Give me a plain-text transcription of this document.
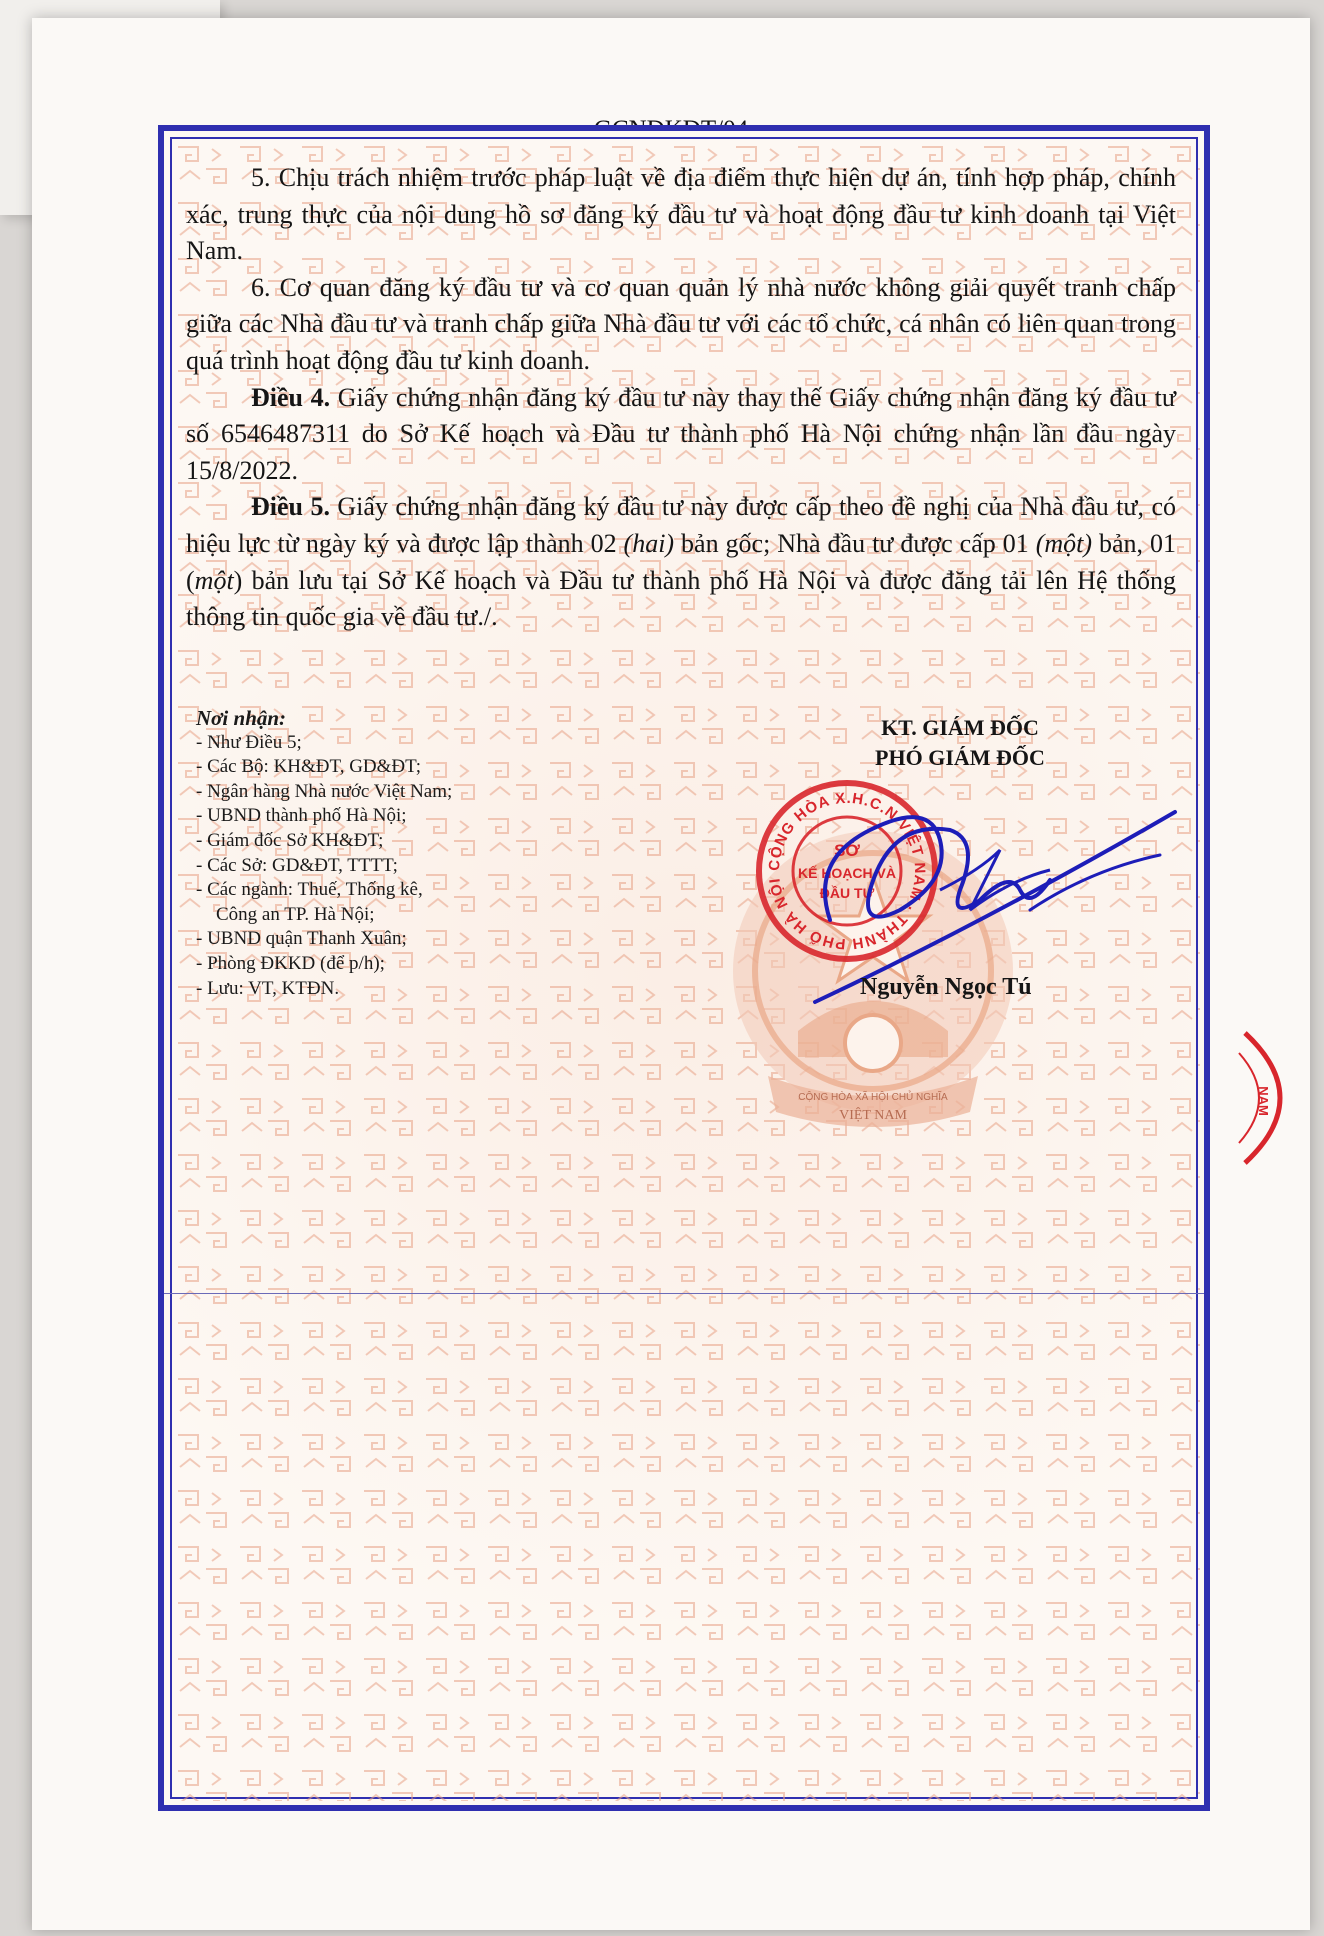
CỘNG HÒA XÃ HỘI CHỦ NGHĨA
VIỆT NAM

5. Chịu trách nhiệm trước pháp luật về địa điểm thực hiện dự án, tính hợp pháp, chính xác, trung thực của nội dung hồ sơ đăng ký đầu tư và hoạt động đầu tư kinh doanh tại Việt Nam.

6. Cơ quan đăng ký đầu tư và cơ quan quản lý nhà nước không giải quyết tranh chấp giữa các Nhà đầu tư và tranh chấp giữa Nhà đầu tư với các tổ chức, cá nhân có liên quan trong quá trình hoạt động đầu tư kinh doanh.

Điều 4. Giấy chứng nhận đăng ký đầu tư này thay thế Giấy chứng nhận đăng ký đầu tư số 6546487311 do Sở Kế hoạch và Đầu tư thành phố Hà Nội chứng nhận lần đầu ngày 15/8/2022.

Điều 5. Giấy chứng nhận đăng ký đầu tư này được cấp theo đề nghị của Nhà đầu tư, có hiệu lực từ ngày ký và được lập thành 02 (hai) bản gốc; Nhà đầu tư được cấp 01 (một) bản, 01 (một) bản lưu tại Sở Kế hoạch và Đầu tư thành phố Hà Nội và được đăng tải lên Hệ thống thông tin quốc gia về đầu tư./.

Nơi nhận:
- Như Điều 5;
- Các Bộ: KH&ĐT, GD&ĐT;
- Ngân hàng Nhà nước Việt Nam;
- UBND thành phố Hà Nội;
- Giám đốc Sở KH&ĐT;
- Các Sở: GD&ĐT, TTTT;
- Các ngành: Thuế, Thống kê,
Công an TP. Hà Nội;
- UBND quận Thanh Xuân;
- Phòng ĐKKD (để p/h);
- Lưu: VT, KTĐN.
KT. GIÁM ĐỐC
PHÓ GIÁM ĐỐC
CỘNG HÒA X.H.C.N VIỆT NAM · THÀNH PHỐ HÀ NỘI
SỞ
KẾ HOẠCH VÀ
ĐẦU TƯ
Nguyễn Ngọc Tú
NAM
